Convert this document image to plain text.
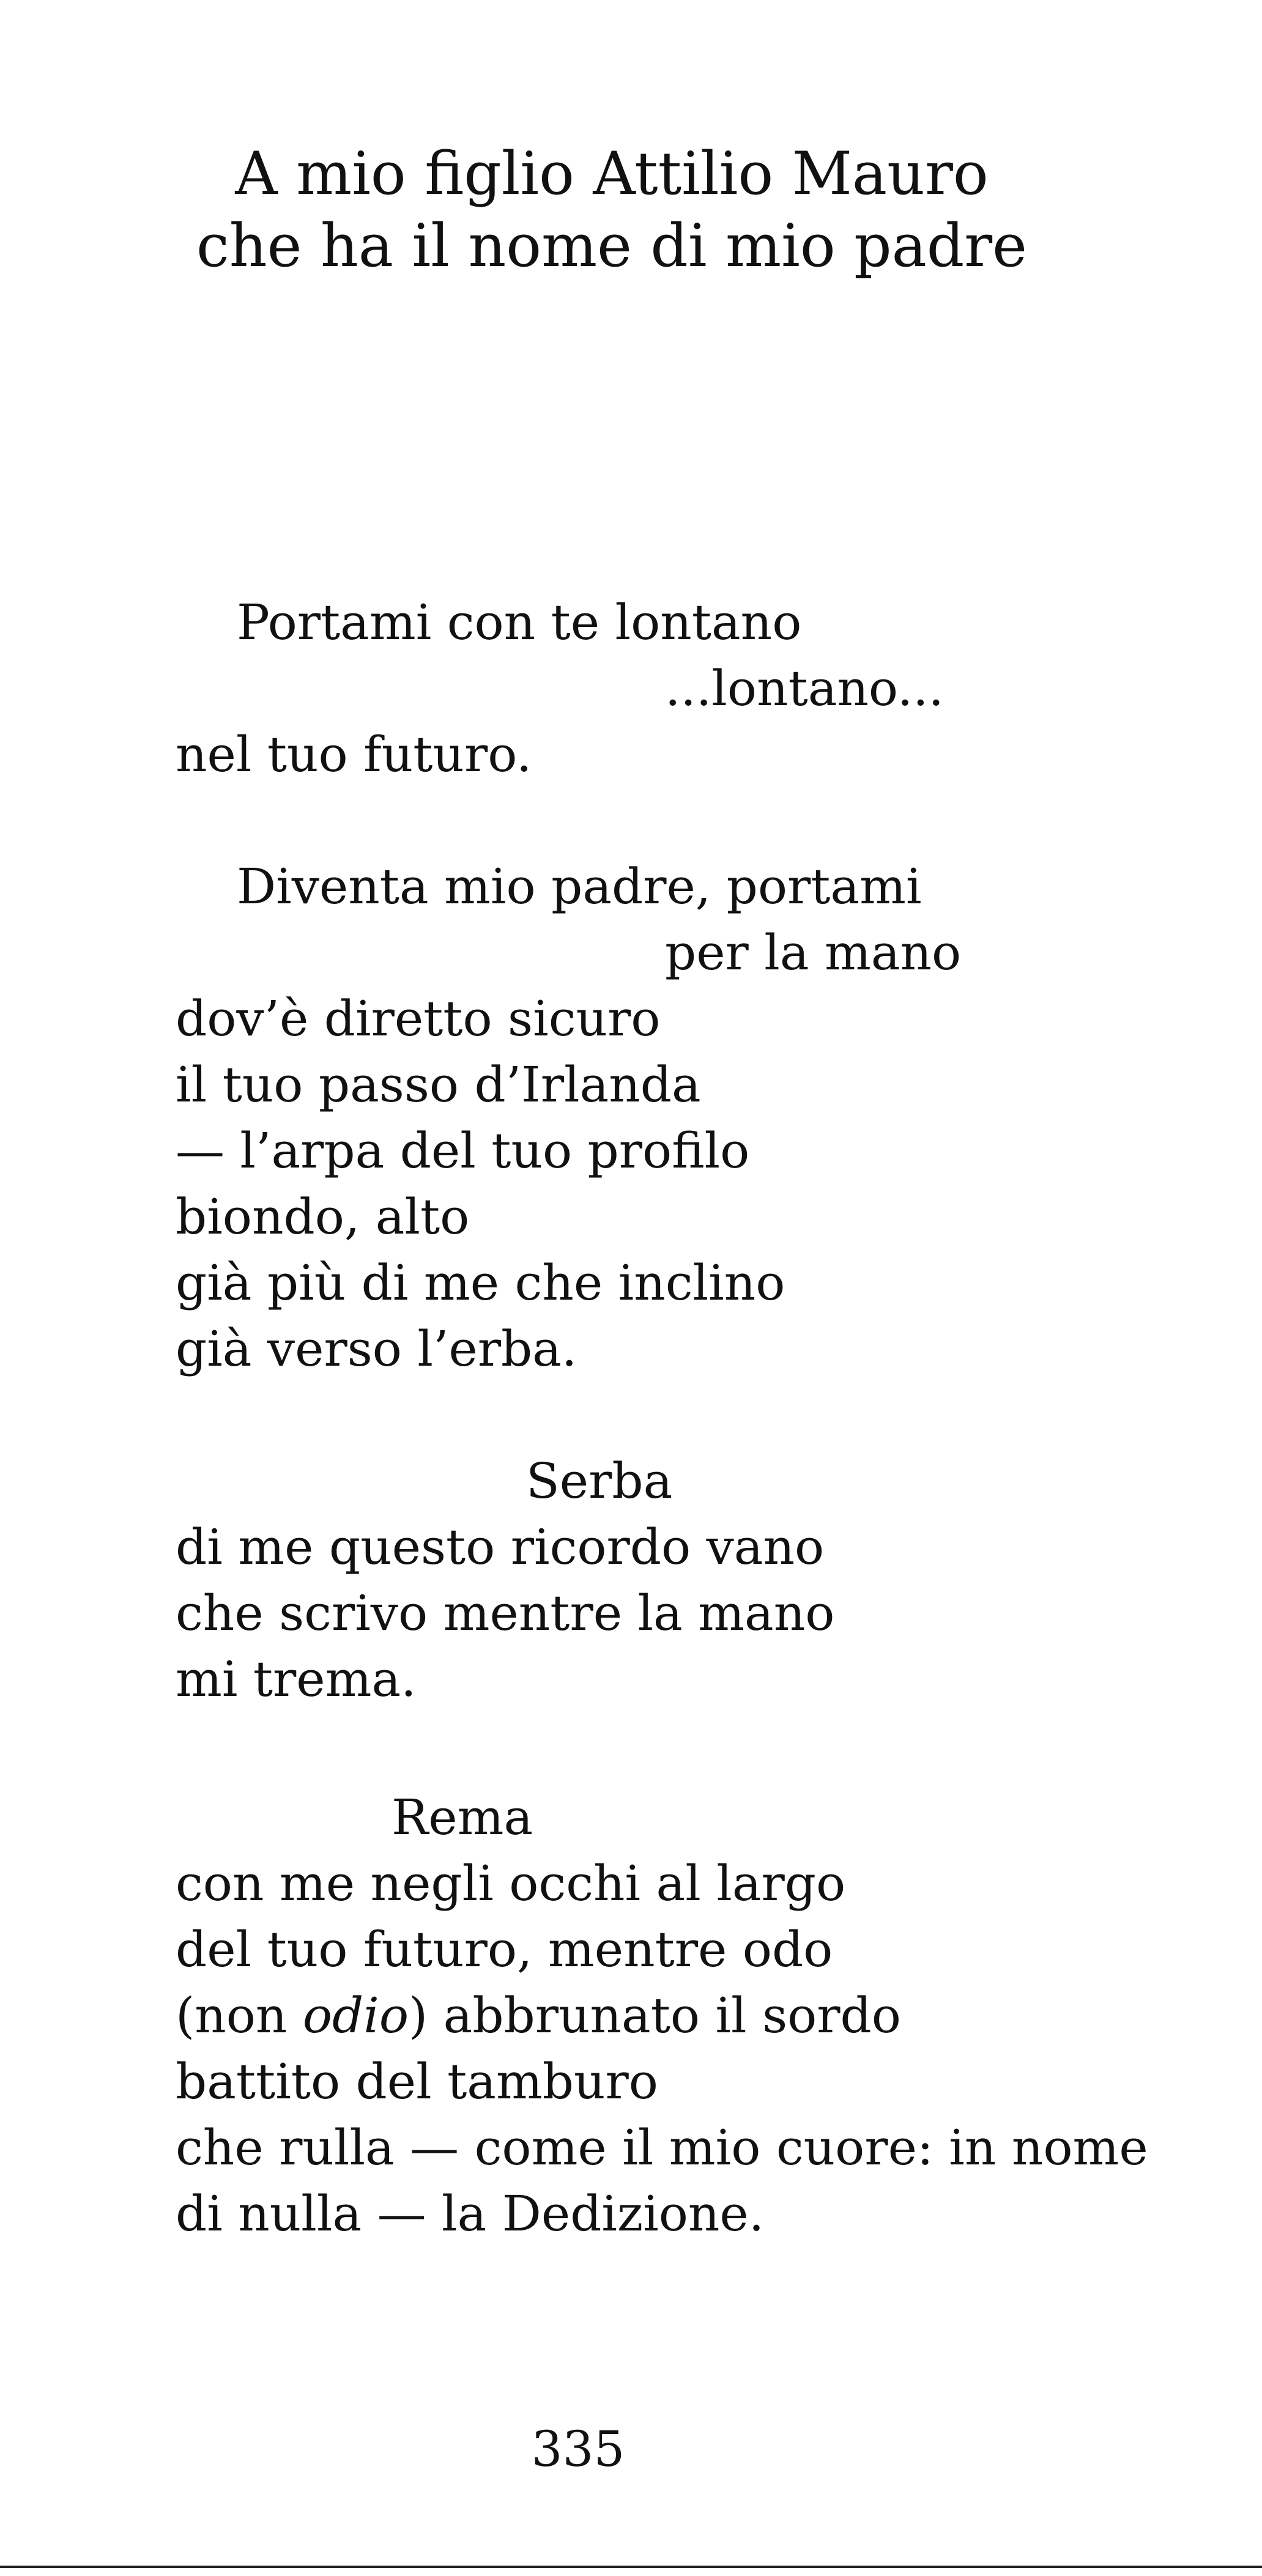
A mio figlio Attilio Mauro
che ha il nome di mio padre
Portami con te lontano
...lontano...
nel tuo futuro.
Diventa mio padre, portami
per la mano
dov’è diretto sicuro
il tuo passo d’Irlanda
— l’arpa del tuo profilo
biondo, alto
già più di me che inclino
già verso l’erba.
Serba
di me questo ricordo vano
che scrivo mentre la mano
mi trema.
Rema
con me negli occhi al largo
del tuo futuro, mentre odo
(non odio) abbrunato il sordo
battito del tamburo
che rulla — come il mio cuore: in nome
di nulla — la Dedizione.
335
